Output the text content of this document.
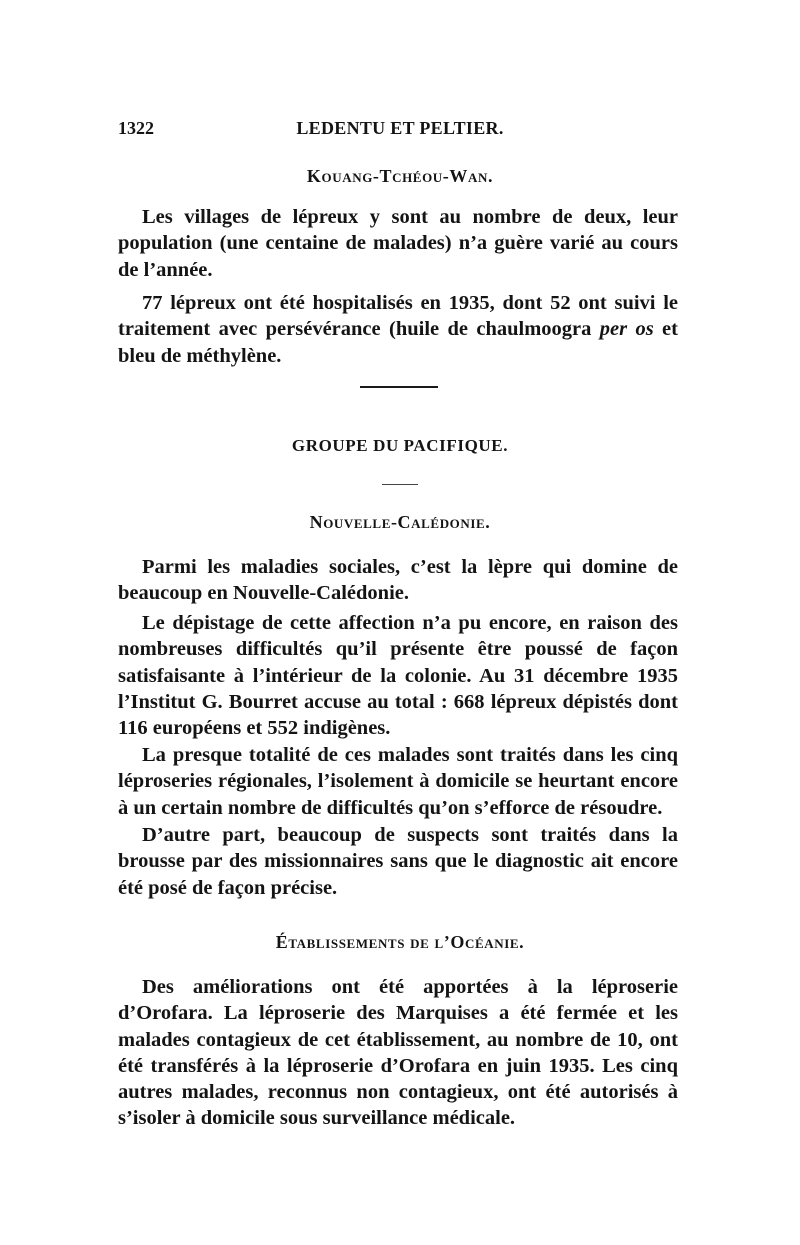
1322	LEDENTU ET PELTIER.
Kouang-Tchéou-Wan.

Les villages de lépreux y sont au nombre de deux, leur population (une centaine de malades) n’a guère varié au cours de l’année.

77 lépreux ont été hospitalisés en 1935, dont 52 ont suivi le traitement avec persévérance (huile de chaulmoogra per os et bleu de méthylène.

GROUPE DU PACIFIQUE.
Nouvelle-Calédonie.

Parmi les maladies sociales, c’est la lèpre qui domine de beaucoup en Nouvelle-Calédonie.

Le dépistage de cette affection n’a pu encore, en raison des nombreuses difficultés qu’il présente être poussé de façon satisfaisante à l’intérieur de la colonie. Au 31 décembre 1935 l’Institut G. Bourret accuse au total : 668 lépreux dépistés dont 116 européens et 552 indigènes.

La presque totalité de ces malades sont traités dans les cinq léproseries régionales, l’isolement à domicile se heurtant encore à un certain nombre de difficultés qu’on s’efforce de résoudre.

D’autre part, beaucoup de suspects sont traités dans la brousse par des missionnaires sans que le diagnostic ait encore été posé de façon précise.

Établissements de l’Océanie.

Des améliorations ont été apportées à la léproserie d’Orofara. La léproserie des Marquises a été fermée et les malades contagieux de cet établissement, au nombre de 10, ont été transférés à la léproserie d’Orofara en juin 1935. Les cinq autres malades, reconnus non contagieux, ont été autorisés à s’isoler à domicile sous surveillance médicale.
